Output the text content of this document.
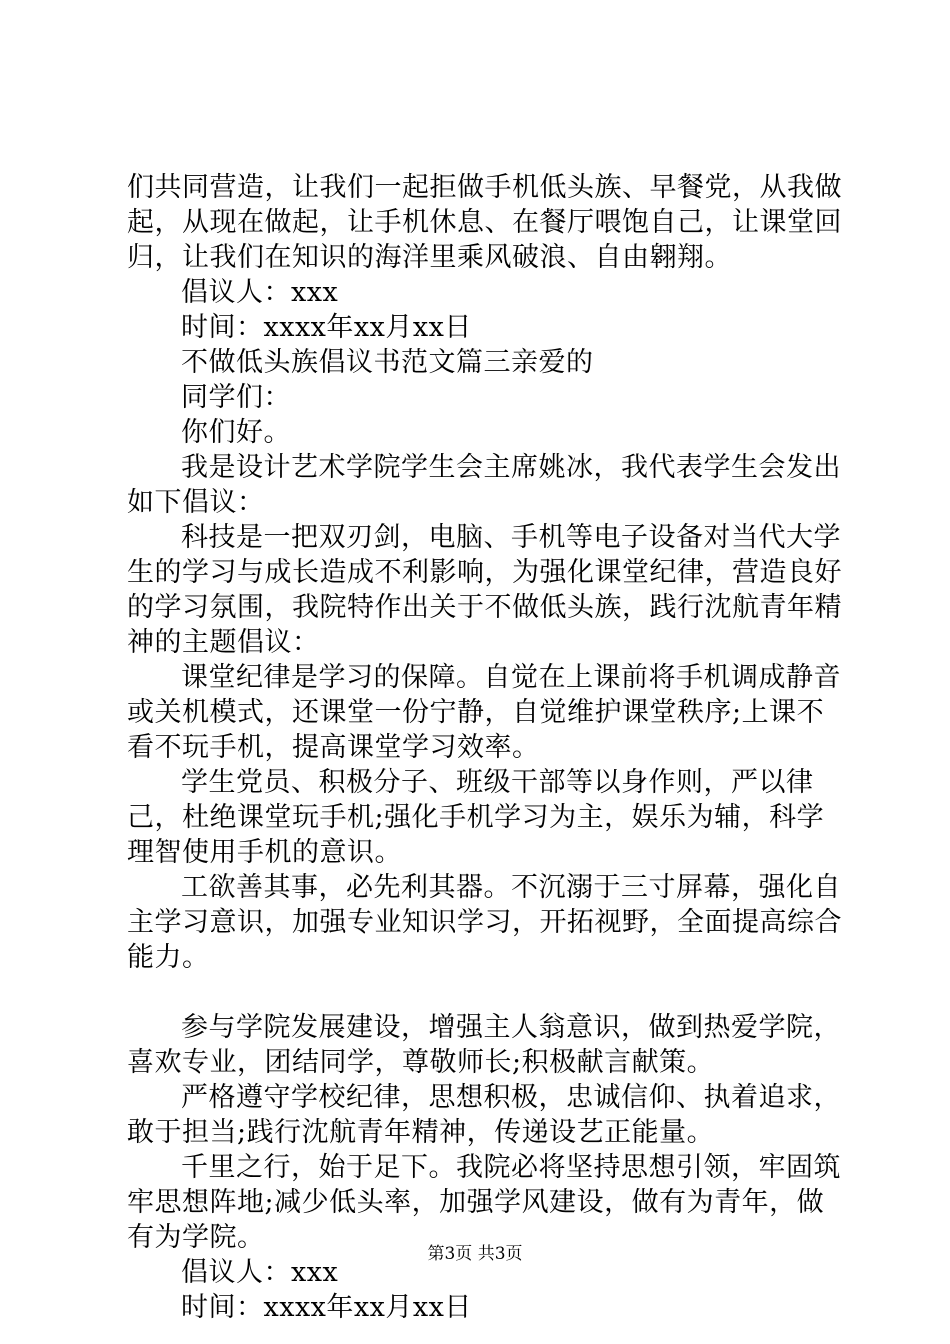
们共同营造，让我们一起拒做手机低头族、早餐党，从我做起，从现在做起，让手机休息、在餐厅喂饱自己，让课堂回归，让我们在知识的海洋里乘风破浪、自由翱翔。

倡议人：xxx

时间：xxxx年xx月xx日

不做低头族倡议书范文篇三亲爱的

同学们：

你们好。

我是设计艺术学院学生会主席姚冰，我代表学生会发出如下倡议：

科技是一把双刃剑，电脑、手机等电子设备对当代大学生的学习与成长造成不利影响，为强化课堂纪律，营造良好的学习氛围，我院特作出关于不做低头族，践行沈航青年精神的主题倡议：

课堂纪律是学习的保障。自觉在上课前将手机调成静音或关机模式，还课堂一份宁静，自觉维护课堂秩序;上课不看不玩手机，提高课堂学习效率。

学生党员、积极分子、班级干部等以身作则，严以律己，杜绝课堂玩手机;强化手机学习为主，娱乐为辅，科学理智使用手机的意识。

工欲善其事，必先利其器。不沉溺于三寸屏幕，强化自主学习意识，加强专业知识学习，开拓视野，全面提高综合能力。

参与学院发展建设，增强主人翁意识，做到热爱学院，喜欢专业，团结同学，尊敬师长;积极献言献策。

严格遵守学校纪律，思想积极，忠诚信仰、执着追求，敢于担当;践行沈航青年精神，传递设艺正能量。

千里之行，始于足下。我院必将坚持思想引领，牢固筑牢思想阵地;减少低头率，加强学风建设，做有为青年，做有为学院。

倡议人：xxx

时间：xxxx年xx月xx日

第3页 共3页
